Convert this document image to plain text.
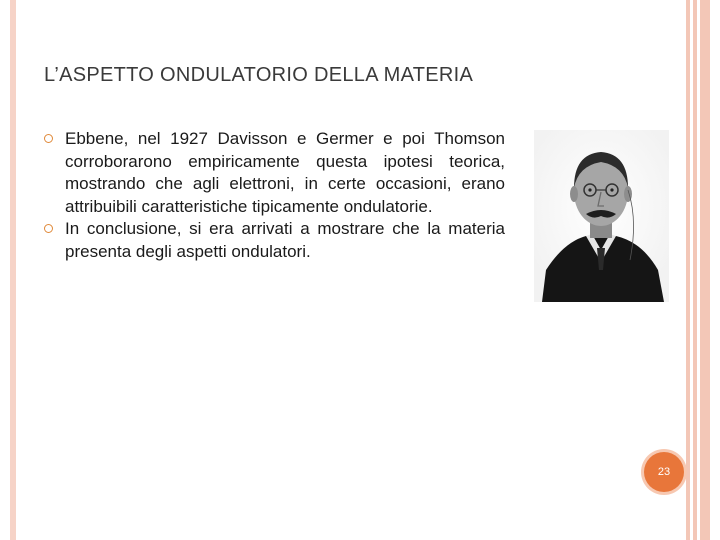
L’ASPETTO ONDULATORIO DELLA MATERIA
Ebbene, nel 1927 Davisson e Germer e poi Thomson corroborarono empiricamente questa ipotesi teorica, mostrando che agli elettroni, in certe occasioni, erano attribuibili caratteristiche tipicamente ondulatorie.
In conclusione, si era arrivati a mostrare che la materia presenta degli aspetti ondulatori.
23
